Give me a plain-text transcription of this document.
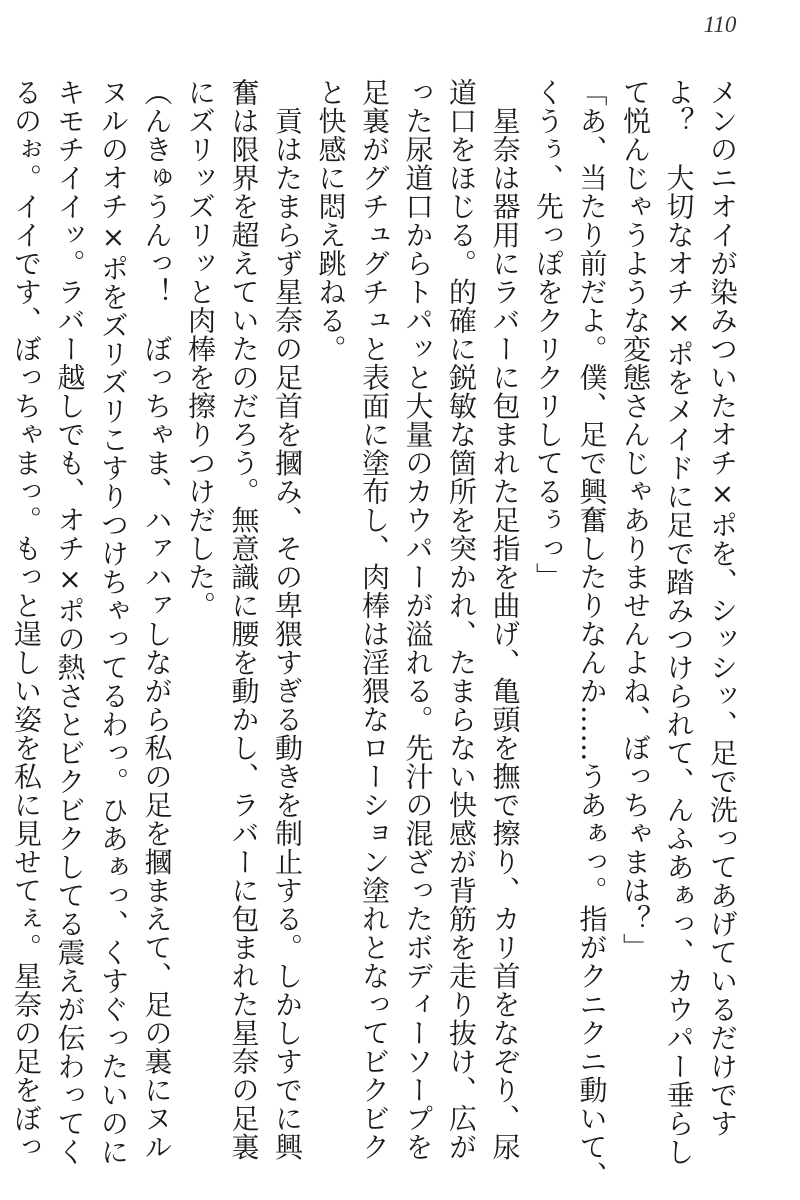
110
メンのニオイが染みついたオチ×ポを、シッシッ、足で洗ってあげているだけです
よ？　大切なオチ×ポをメイドに足で踏みつけられて、んふあぁっ、カウパー垂らし
て悦んじゃうような変態さんじゃありませんよね、ぼっちゃまは？」
「あ、当たり前だよ。僕、足で興奮したりなんか……うあぁっ。指がクニクニ動いて、
くうぅ、先っぽをクリクリしてるぅっ」
　星奈は器用にラバーに包まれた足指を曲げ、亀頭を撫で擦り、カリ首をなぞり、尿
道口をほじる。的確に鋭敏な箇所を突かれ、たまらない快感が背筋を走り抜け、広が
った尿道口からトパッと大量のカウパーが溢れる。先汁の混ざったボディーソープを
足裏がグチュグチュと表面に塗布し、肉棒は淫猥なローション塗れとなってビクビク
と快感に悶え跳ねる。
　貢はたまらず星奈の足首を摑み、その卑猥すぎる動きを制止する。しかしすでに興
奮は限界を超えていたのだろう。無意識に腰を動かし、ラバーに包まれた星奈の足裏
にズリッズリッと肉棒を擦りつけだした。
（んきゅうんっ！　ぼっちゃま、ハァハァしながら私の足を摑まえて、足の裏にヌル
ヌルのオチ×ポをズリズリこすりつけちゃってるわっ。ひあぁっ、くすぐったいのに
キモチイイッ。ラバー越しでも、オチ×ポの熱さとビクビクしてる震えが伝わってく
るのぉ。イイです、ぼっちゃまっ。もっと逞しい姿を私に見せてぇ。星奈の足をぼっ
